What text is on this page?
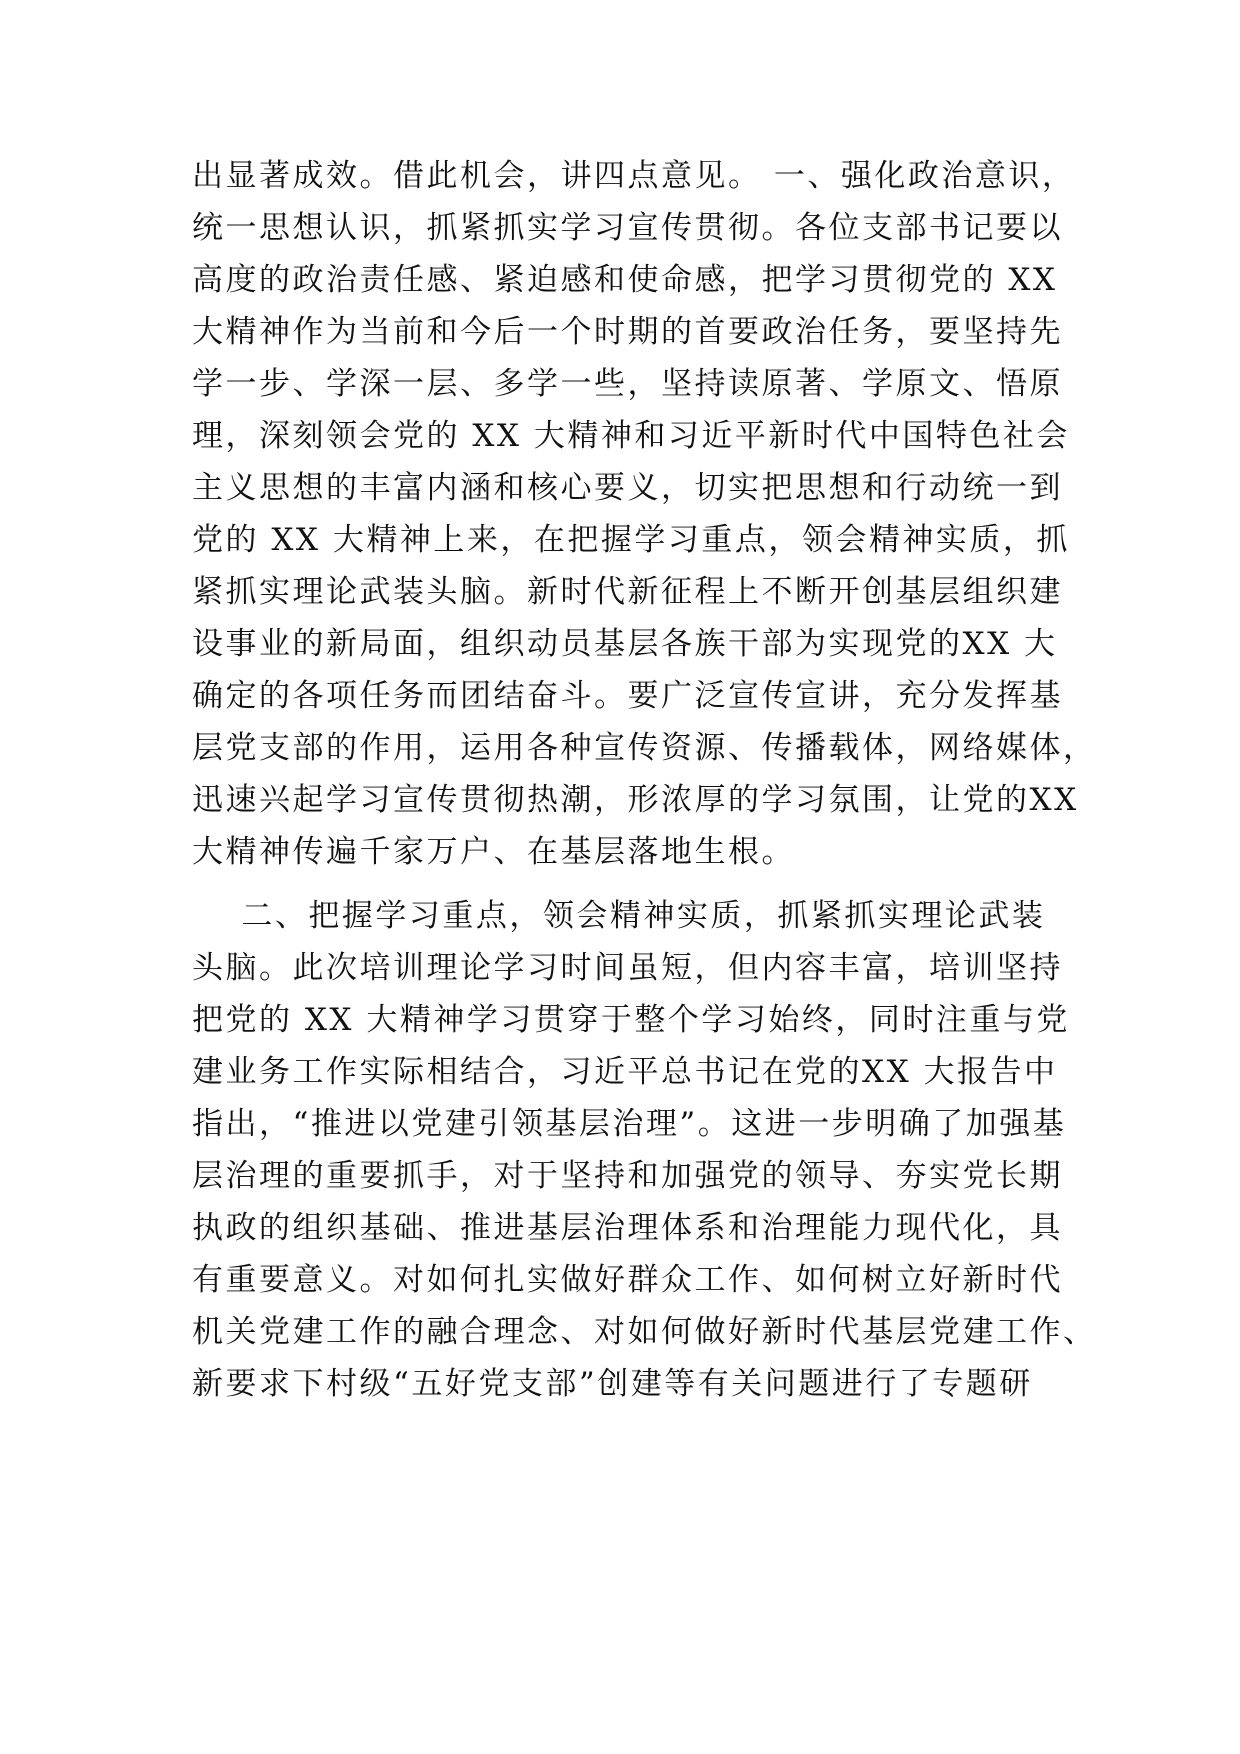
出显著成效。借此机会，讲四点意见。 一、强化政治意识，
统一思想认识，抓紧抓实学习宣传贯彻。各位支部书记要以
高度的政治责任感、紧迫感和使命感，把学习贯彻党的 XX
大精神作为当前和今后一个时期的首要政治任务，要坚持先
学一步、学深一层、多学一些，坚持读原著、学原文、悟原
理，深刻领会党的 XX 大精神和习近平新时代中国特色社会
主义思想的丰富内涵和核心要义，切实把思想和行动统一到
党的 XX 大精神上来，在把握学习重点，领会精神实质，抓
紧抓实理论武装头脑。新时代新征程上不断开创基层组织建
设事业的新局面，组织动员基层各族干部为实现党的XX 大
确定的各项任务而团结奋斗。要广泛宣传宣讲，充分发挥基
层党支部的作用，运用各种宣传资源、传播载体，网络媒体，
迅速兴起学习宣传贯彻热潮，形浓厚的学习氛围，让党的XX
大精神传遍千家万户、在基层落地生根。
二、把握学习重点，领会精神实质，抓紧抓实理论武装
头脑。此次培训理论学习时间虽短，但内容丰富，培训坚持
把党的 XX 大精神学习贯穿于整个学习始终，同时注重与党
建业务工作实际相结合，习近平总书记在党的XX 大报告中
指出，“推进以党建引领基层治理”。这进一步明确了加强基
层治理的重要抓手，对于坚持和加强党的领导、夯实党长期
执政的组织基础、推进基层治理体系和治理能力现代化，具
有重要意义。对如何扎实做好群众工作、如何树立好新时代
机关党建工作的融合理念、对如何做好新时代基层党建工作、
新要求下村级“五好党支部”创建等有关问题进行了专题研
